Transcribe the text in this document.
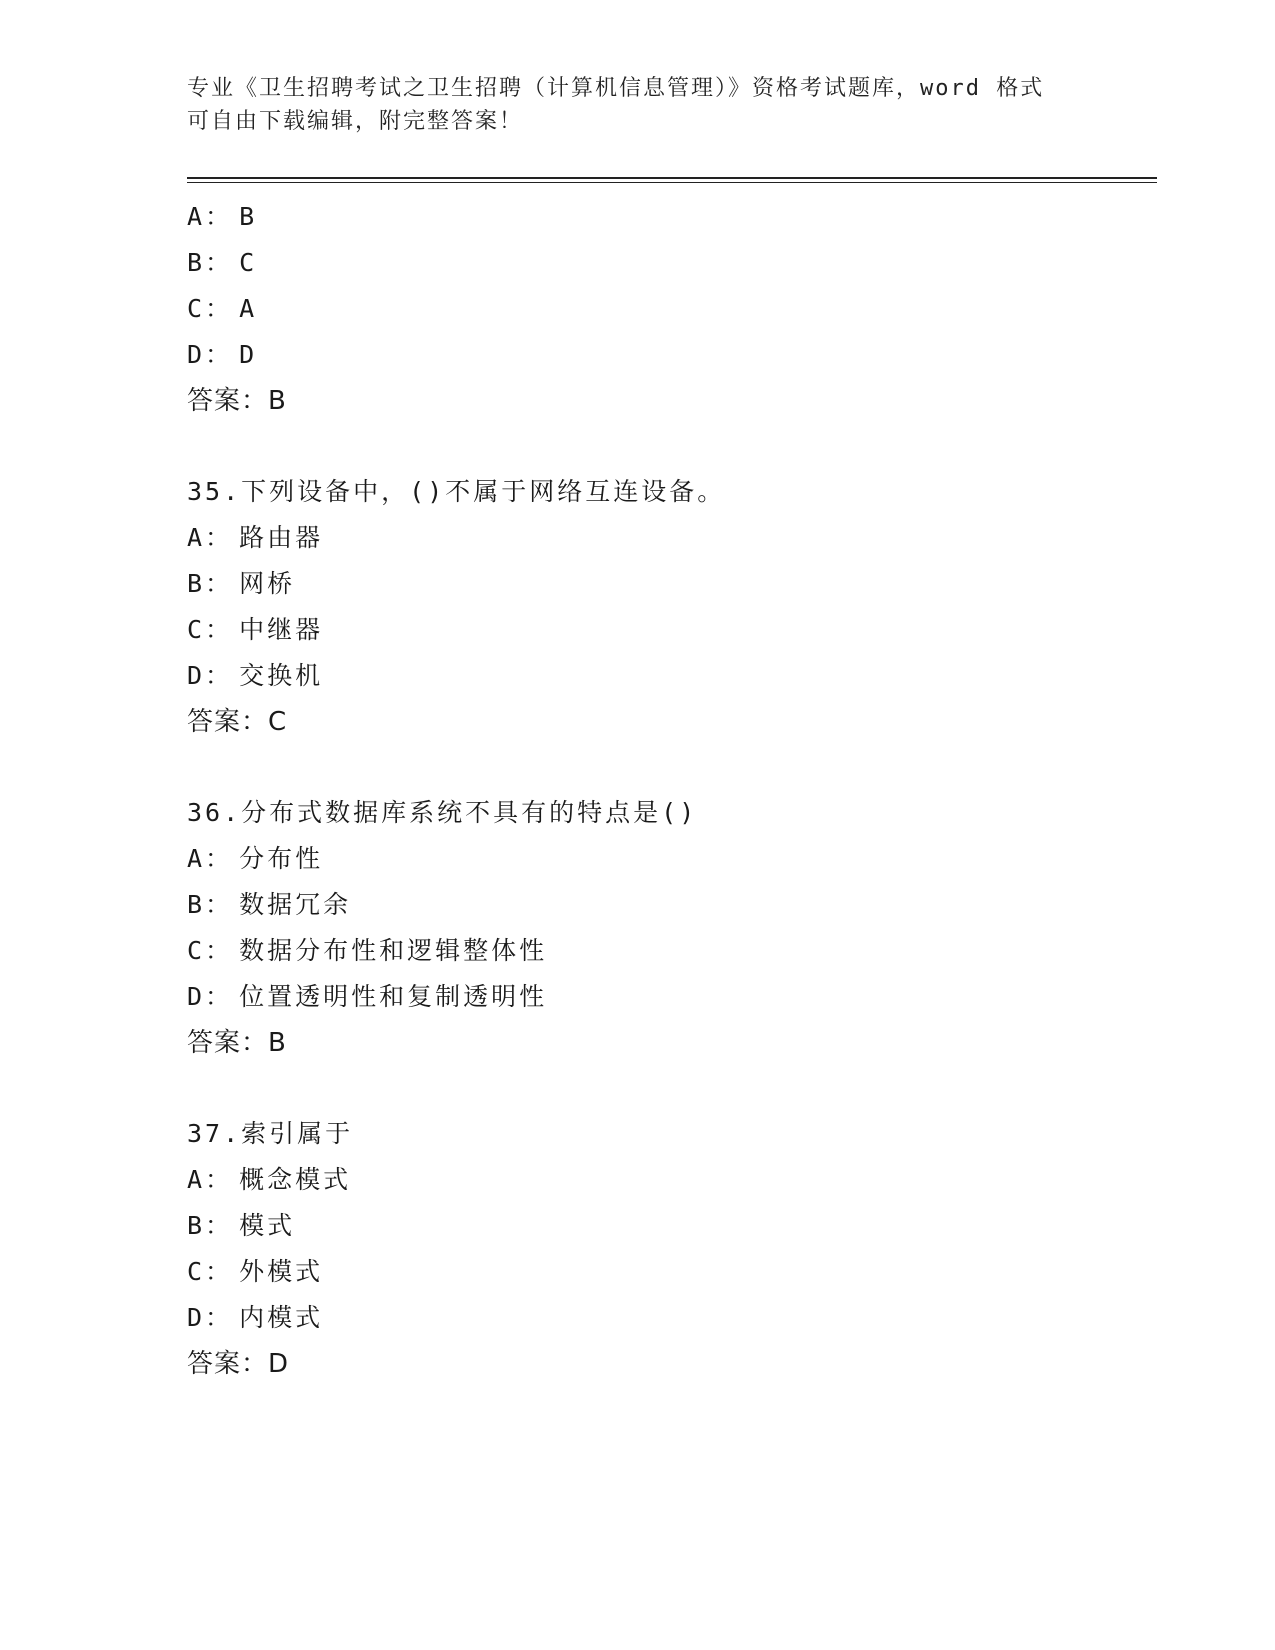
专业《卫生招聘考试之卫生招聘（计算机信息管理）》资格考试题库，word 格式
可自由下载编辑，附完整答案！
A： B
B： C
C： A
D： D
答案：B
35.下列设备中，()不属于网络互连设备。
A： 路由器
B： 网桥
C： 中继器
D： 交换机
答案：C
36.分布式数据库系统不具有的特点是()
A： 分布性
B： 数据冗余
C： 数据分布性和逻辑整体性
D： 位置透明性和复制透明性
答案：B
37.索引属于
A： 概念模式
B： 模式
C： 外模式
D： 内模式
答案：D
